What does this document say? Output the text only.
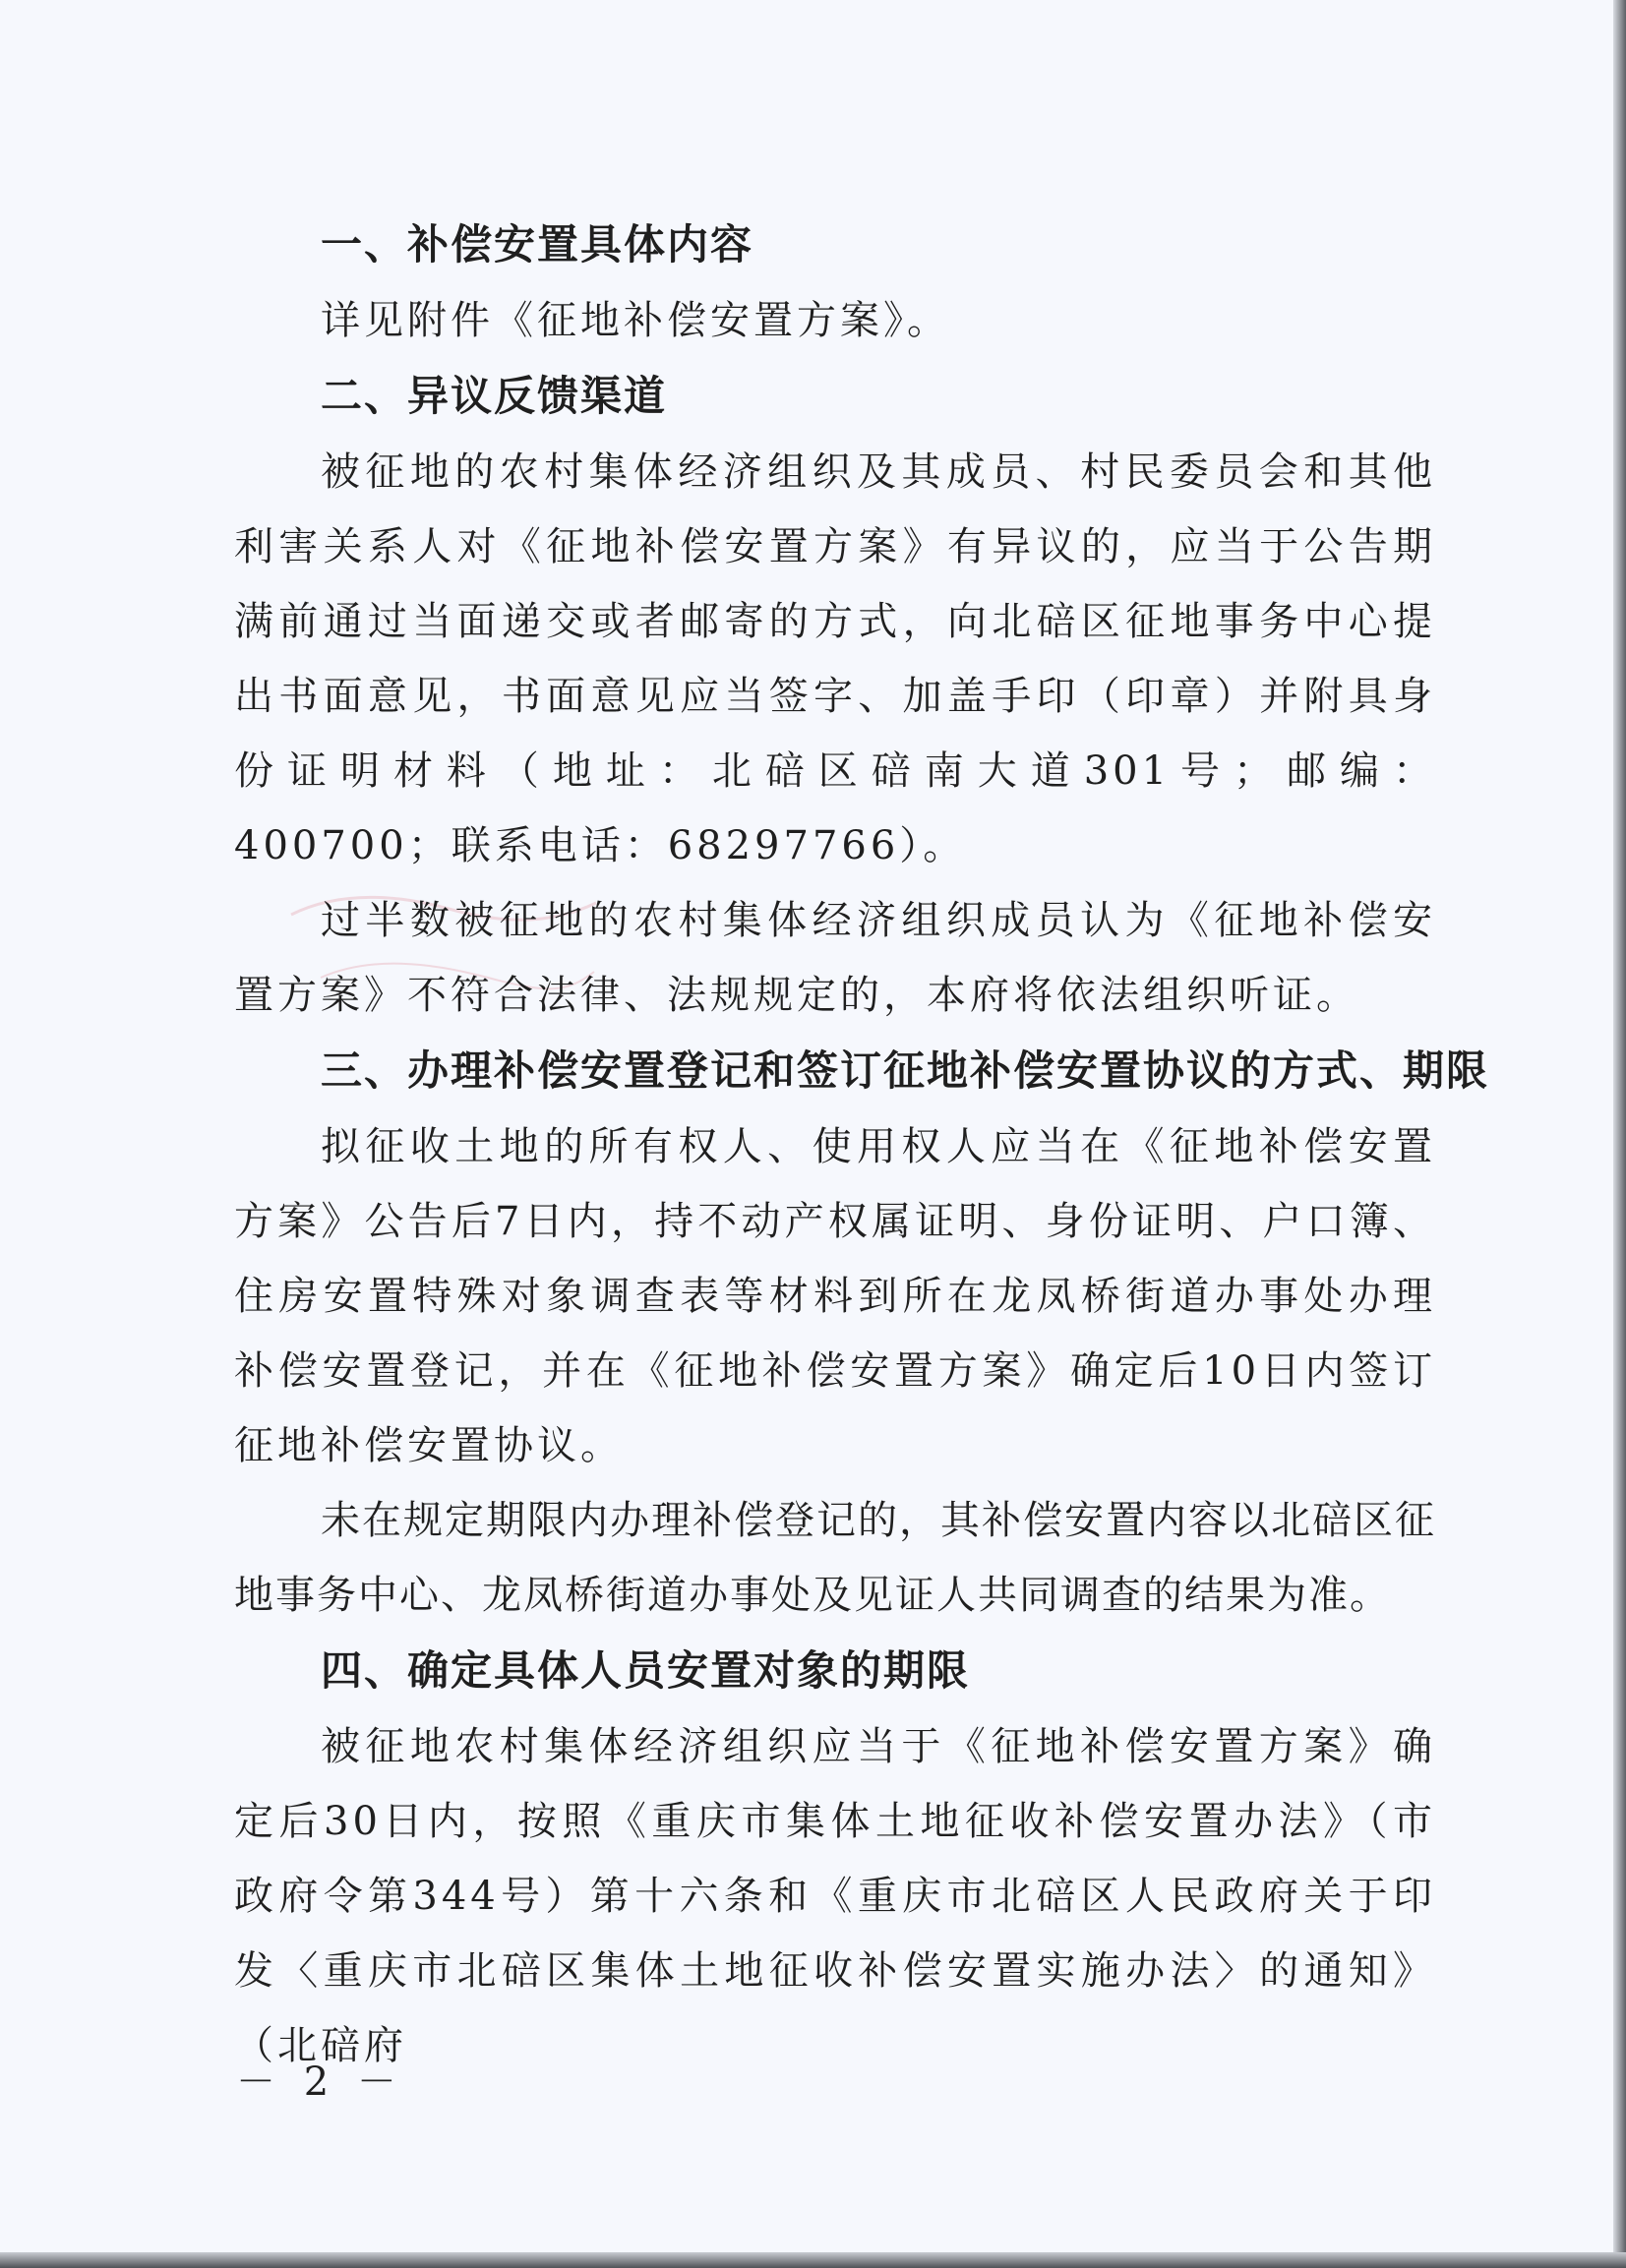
一、补偿安置具体内容

详见附件《征地补偿安置方案》。

二、异议反馈渠道

被征地的农村集体经济组织及其成员、村民委员会和其他利害关系人对《征地补偿安置方案》有异议的，应当于公告期满前通过当面递交或者邮寄的方式，向北碚区征地事务中心提出书面意见，书面意见应当签字、加盖手印（印章）并附具身份证明材料（地址：北碚区碚南大道301号；邮编：400700；联系电话：68297766）。

过半数被征地的农村集体经济组织成员认为《征地补偿安置方案》不符合法律、法规规定的，本府将依法组织听证。

三、办理补偿安置登记和签订征地补偿安置协议的方式、期限

拟征收土地的所有权人、使用权人应当在《征地补偿安置方案》公告后7日内，持不动产权属证明、身份证明、户口簿、住房安置特殊对象调查表等材料到所在龙凤桥街道办事处办理补偿安置登记，并在《征地补偿安置方案》确定后10日内签订征地补偿安置协议。

未在规定期限内办理补偿登记的，其补偿安置内容以北碚区征地事务中心、龙凤桥街道办事处及见证人共同调查的结果为准。

四、确定具体人员安置对象的期限

被征地农村集体经济组织应当于《征地补偿安置方案》确定后30日内，按照《重庆市集体土地征收补偿安置办法》（市政府令第344号）第十六条和《重庆市北碚区人民政府关于印发〈重庆市北碚区集体土地征收补偿安置实施办法〉的通知》（北碚府

－ 2 －
